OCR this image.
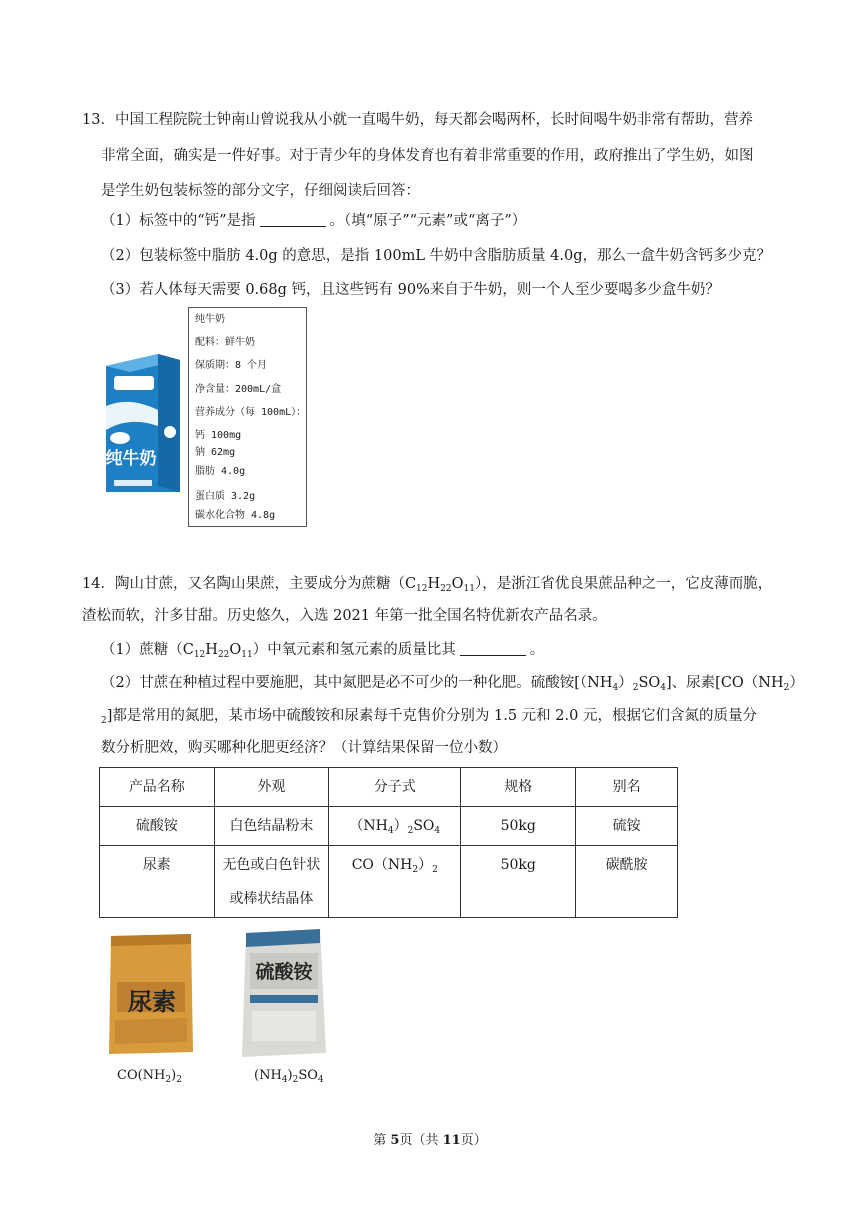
13．中国工程院院士钟南山曾说我从小就一直喝牛奶，每天都会喝两杯，长时间喝牛奶非常有帮助，营养
非常全面，确实是一件好事。对于青少年的身体发育也有着非常重要的作用，政府推出了学生奶，如图
是学生奶包装标签的部分文字，仔细阅读后回答：
（1）标签中的“钙”是指	。（填“原子”“元素”或“离子”）
（2）包装标签中脂肪 4.0g 的意思，是指 100mL 牛奶中含脂肪质量 4.0g，那么一盒牛奶含钙多少克？
（3）若人体每天需要 0.68g 钙，且这些钙有 90%来自于牛奶，则一个人至少要喝多少盒牛奶？
纯牛奶
纯牛奶
配料：鲜牛奶
保质期：8 个月
净含量：200mL/盒
营养成分（每 100mL）：
钙 100mg
钠 62mg
脂肪 4.0g
蛋白质 3.2g
碳水化合物 4.8g
14．陶山甘蔗，又名陶山果蔗，主要成分为蔗糖$(C_{12}H_{22}O_{11})$，是浙江省优良果蔗品种之一，它皮薄而脆，
渣松而软，汁多甘甜。历史悠久，入选 2021 年第一批全国名特优新农产品名录。
（1）蔗糖$(C_{12}H_{22}O_{11})$中氧元素和氢元素的质量比其	。
（2）甘蔗在种植过程中要施肥，其中氮肥是必不可少的一种化肥。硫酸铵$[(NH_4)_2SO_4]$、尿素[$CO(NH_2)$
$_2$]都是常用的氮肥，某市场中硫酸铵和尿素每千克售价分别为 1.5 元和 2.0 元，根据它们含氮的质量分
数分析肥效，购买哪种化肥更经济？（计算结果保留一位小数）
产品名称	外观	分子式	规格	别名

硫酸铵	白色结晶粉末	$(NH_4)_2SO_4$	50kg	硫铵

尿素	无色或白色针状
或棒状结晶体	$CO(NH_2)_2$	50kg	碳酰胺
尿素
硫酸铵
$CO(NH_2)_2$	$(NH_4)_2SO_4$
第 5页（共 11页）
